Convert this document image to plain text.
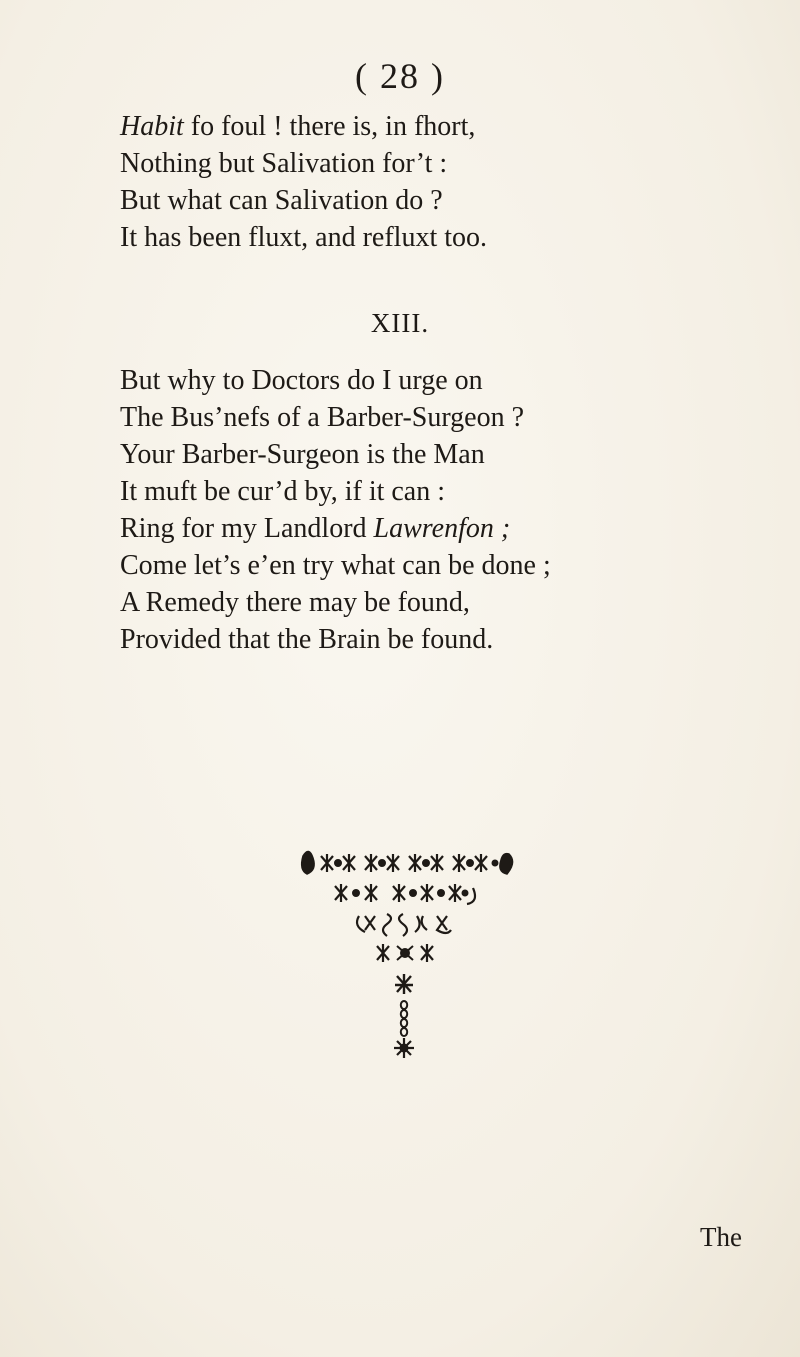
( 28 )
Habit fo foul ! there is, in fhort,
Nothing but Salivation for’t :
But what can Salivation do ?
It has been fluxt, and refluxt too.
XIII.
But why to Doctors do I urge on
The Bus’nefs of a Barber-Surgeon ?
Your Barber-Surgeon is the Man
It muft be cur’d by, if it can :
Ring for my Landlord Lawrenfon ;
Come let’s e’en try what can be done ;
A Remedy there may be found,
Provided that the Brain be found.
The
